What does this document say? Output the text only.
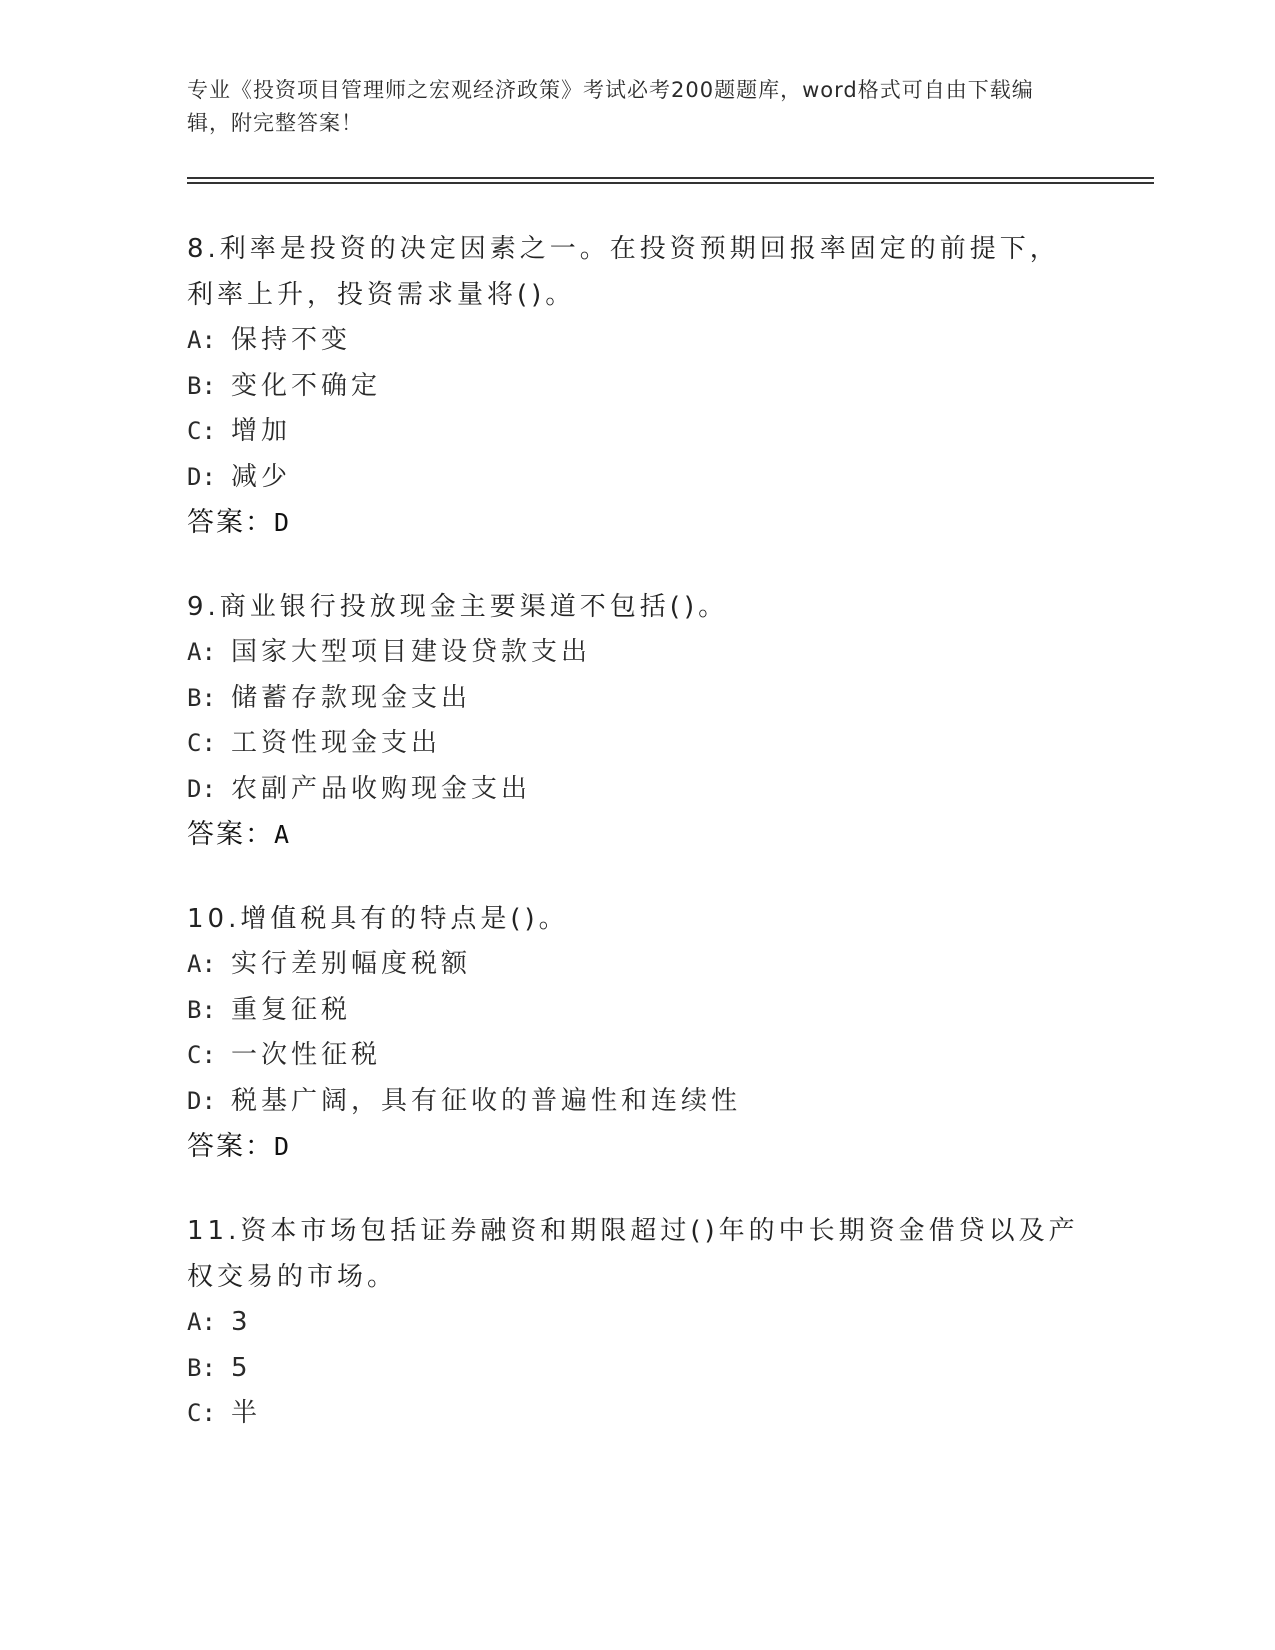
专业《投资项目管理师之宏观经济政策》考试必考200题题库，word格式可自由下载编辑，附完整答案！

8.利率是投资的决定因素之一。在投资预期回报率固定的前提下，利率上升，投资需求量将()。

A: 保持不变

B: 变化不确定

C: 增加

D: 减少

答案：D

9.商业银行投放现金主要渠道不包括()。

A: 国家大型项目建设贷款支出

B: 储蓄存款现金支出

C: 工资性现金支出

D: 农副产品收购现金支出

答案：A

10.增值税具有的特点是()。

A: 实行差别幅度税额

B: 重复征税

C: 一次性征税

D: 税基广阔，具有征收的普遍性和连续性

答案：D

11.资本市场包括证券融资和期限超过()年的中长期资金借贷以及产权交易的市场。

A: 3

B: 5

C: 半
